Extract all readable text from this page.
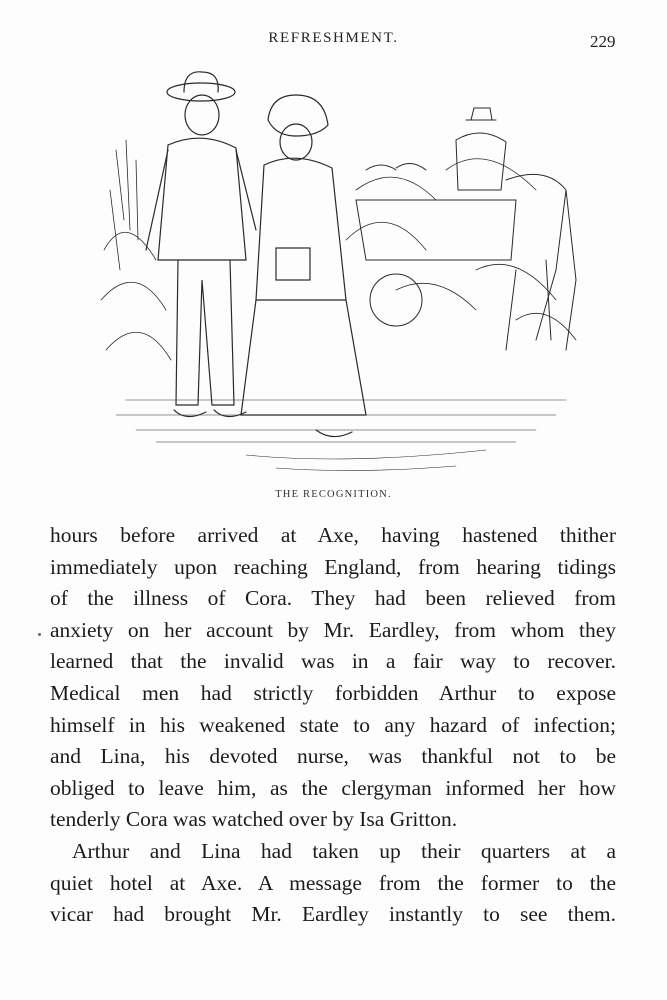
REFRESHMENT.	229
THE RECOGNITION.
hours before arrived at Axe, having hastened thither
immediately upon reaching England, from hearing tidings
of the illness of Cora. They had been relieved from
anxiety on her account by Mr. Eardley, from whom they
learned that the invalid was in a fair way to recover.
Medical men had strictly forbidden Arthur to expose
himself in his weakened state to any hazard of infection;
and Lina, his devoted nurse, was thankful not to be
obliged to leave him, as the clergyman informed her how
tenderly Cora was watched over by Isa Gritton.
Arthur and Lina had taken up their quarters at a
quiet hotel at Axe. A message from the former to the
vicar had brought Mr. Eardley instantly to see them.
